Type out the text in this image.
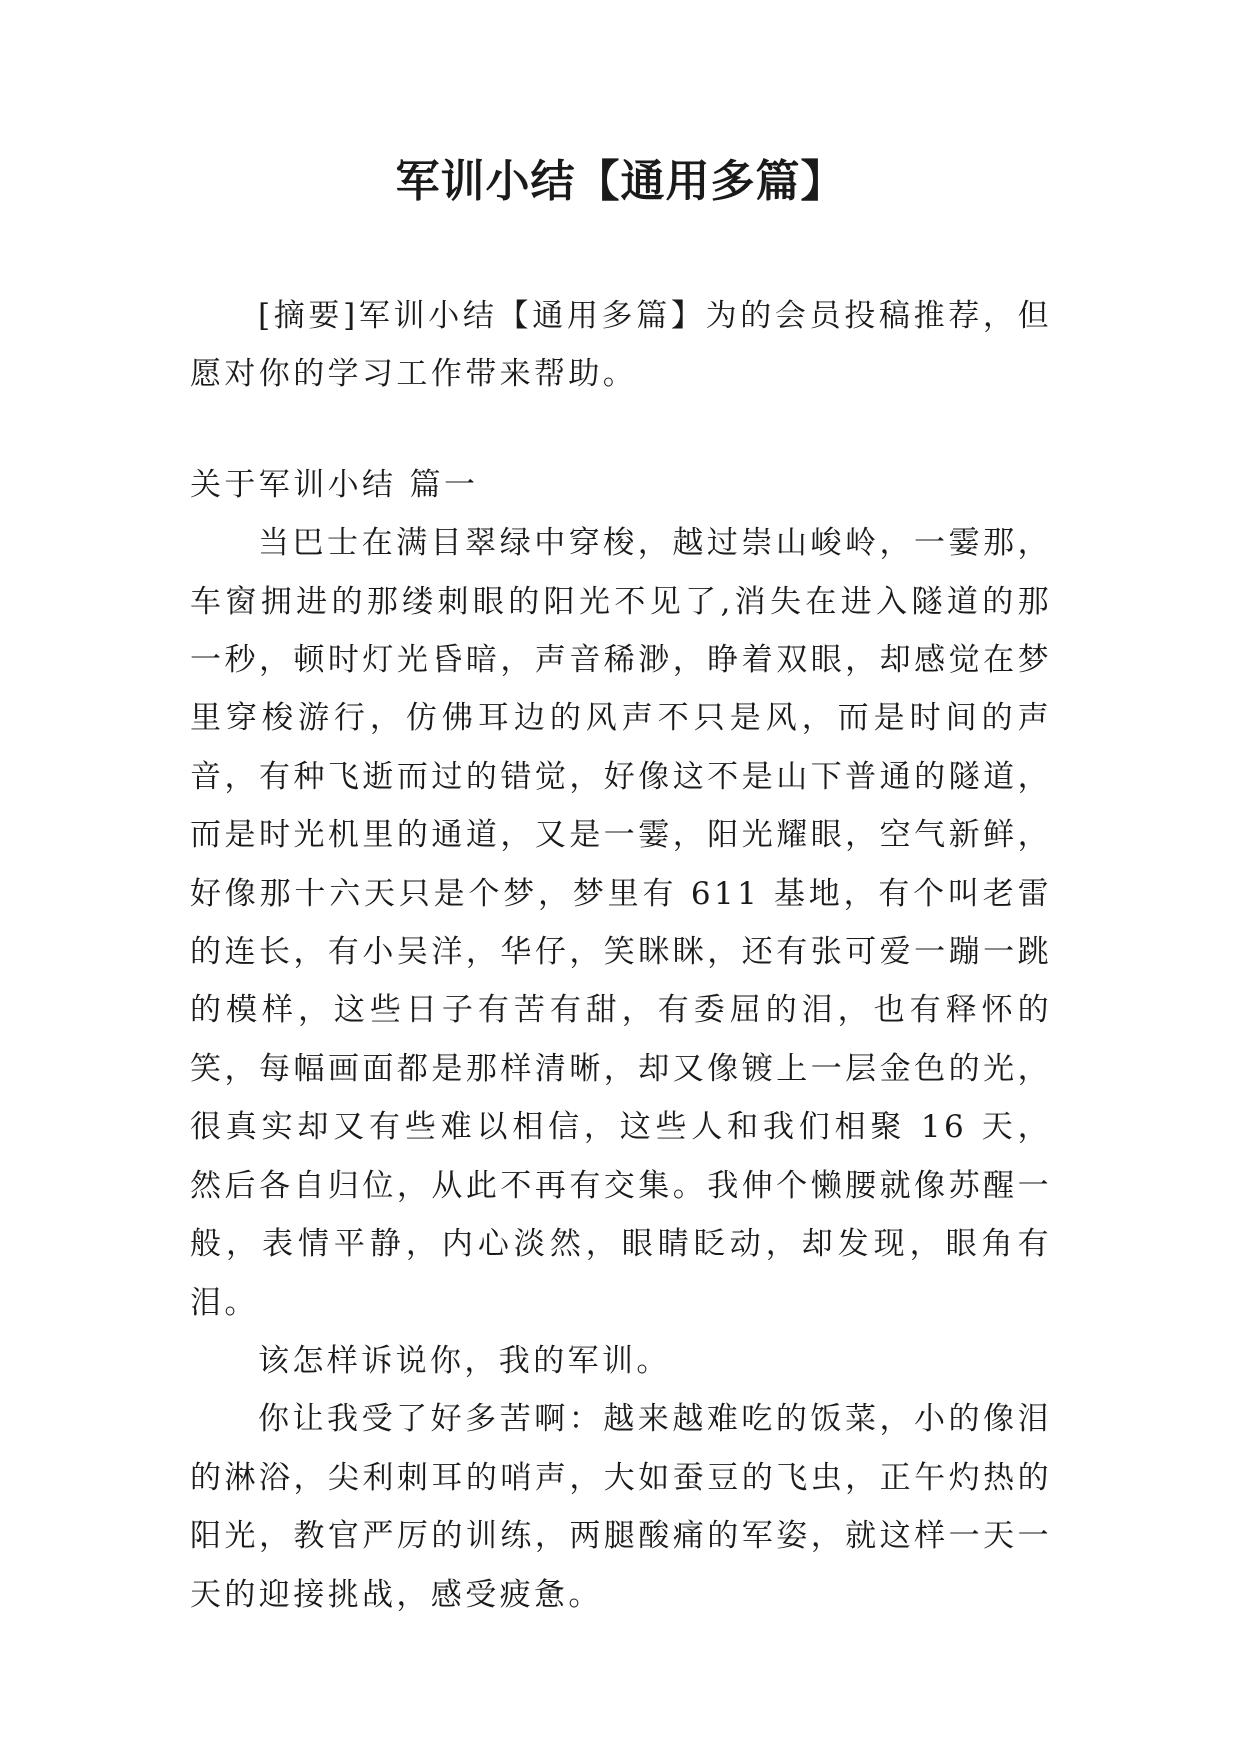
军训小结【通用多篇】

[摘要]军训小结【通用多篇】为的会员投稿推荐，但愿对你的学习工作带来帮助。

关于军训小结 篇一

当巴士在满目翠绿中穿梭，越过崇山峻岭，一霎那，车窗拥进的那缕刺眼的阳光不见了,消失在进入隧道的那一秒，顿时灯光昏暗，声音稀渺，睁着双眼，却感觉在梦里穿梭游行，仿佛耳边的风声不只是风，而是时间的声音，有种飞逝而过的错觉，好像这不是山下普通的隧道，而是时光机里的通道，又是一霎，阳光耀眼，空气新鲜，好像那十六天只是个梦，梦里有 611 基地，有个叫老雷的连长，有小吴洋，华仔，笑眯眯，还有张可爱一蹦一跳的模样，这些日子有苦有甜，有委屈的泪，也有释怀的笑，每幅画面都是那样清晰，却又像镀上一层金色的光，很真实却又有些难以相信，这些人和我们相聚 16 天，然后各自归位，从此不再有交集。我伸个懒腰就像苏醒一般，表情平静，内心淡然，眼睛眨动，却发现，眼角有泪。

该怎样诉说你，我的军训。

你让我受了好多苦啊：越来越难吃的饭菜，小的像泪的淋浴，尖利刺耳的哨声，大如蚕豆的飞虫，正午灼热的阳光，教官严厉的训练，两腿酸痛的军姿，就这样一天一天的迎接挑战，感受疲惫。
